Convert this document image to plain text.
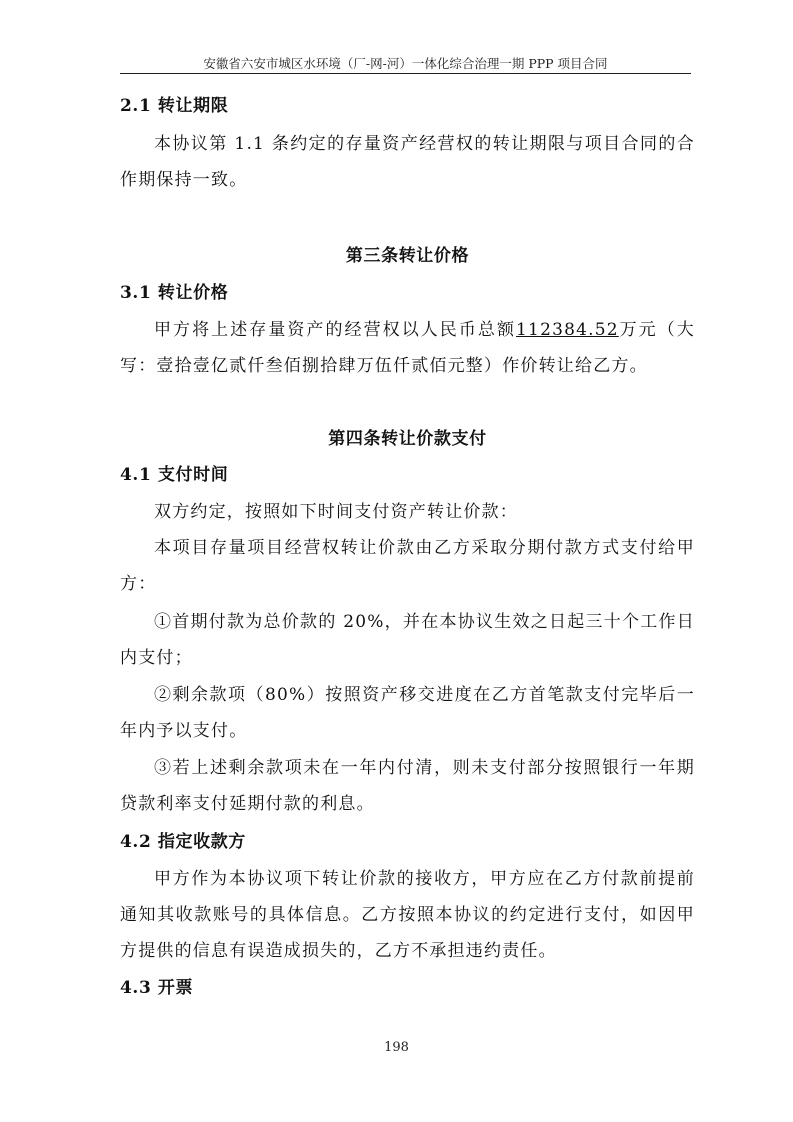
安徽省六安市城区水环境（厂-网-河）一体化综合治理一期 PPP 项目合同
2.1 转让期限
本协议第 1.1 条约定的存量资产经营权的转让期限与项目合同的合作期保持一致。
第三条转让价格
3.1 转让价格
甲方将上述存量资产的经营权以人民币总额112384.52万元（大写：壹拾壹亿贰仟叁佰捌拾肆万伍仟贰佰元整）作价转让给乙方。
第四条转让价款支付
4.1 支付时间
双方约定，按照如下时间支付资产转让价款：
本项目存量项目经营权转让价款由乙方采取分期付款方式支付给甲方：
①首期付款为总价款的 20%，并在本协议生效之日起三十个工作日内支付；
②剩余款项（80%）按照资产移交进度在乙方首笔款支付完毕后一年内予以支付。
③若上述剩余款项未在一年内付清，则未支付部分按照银行一年期贷款利率支付延期付款的利息。
4.2 指定收款方
甲方作为本协议项下转让价款的接收方，甲方应在乙方付款前提前通知其收款账号的具体信息。乙方按照本协议的约定进行支付，如因甲方提供的信息有误造成损失的，乙方不承担违约责任。
4.3 开票
198
